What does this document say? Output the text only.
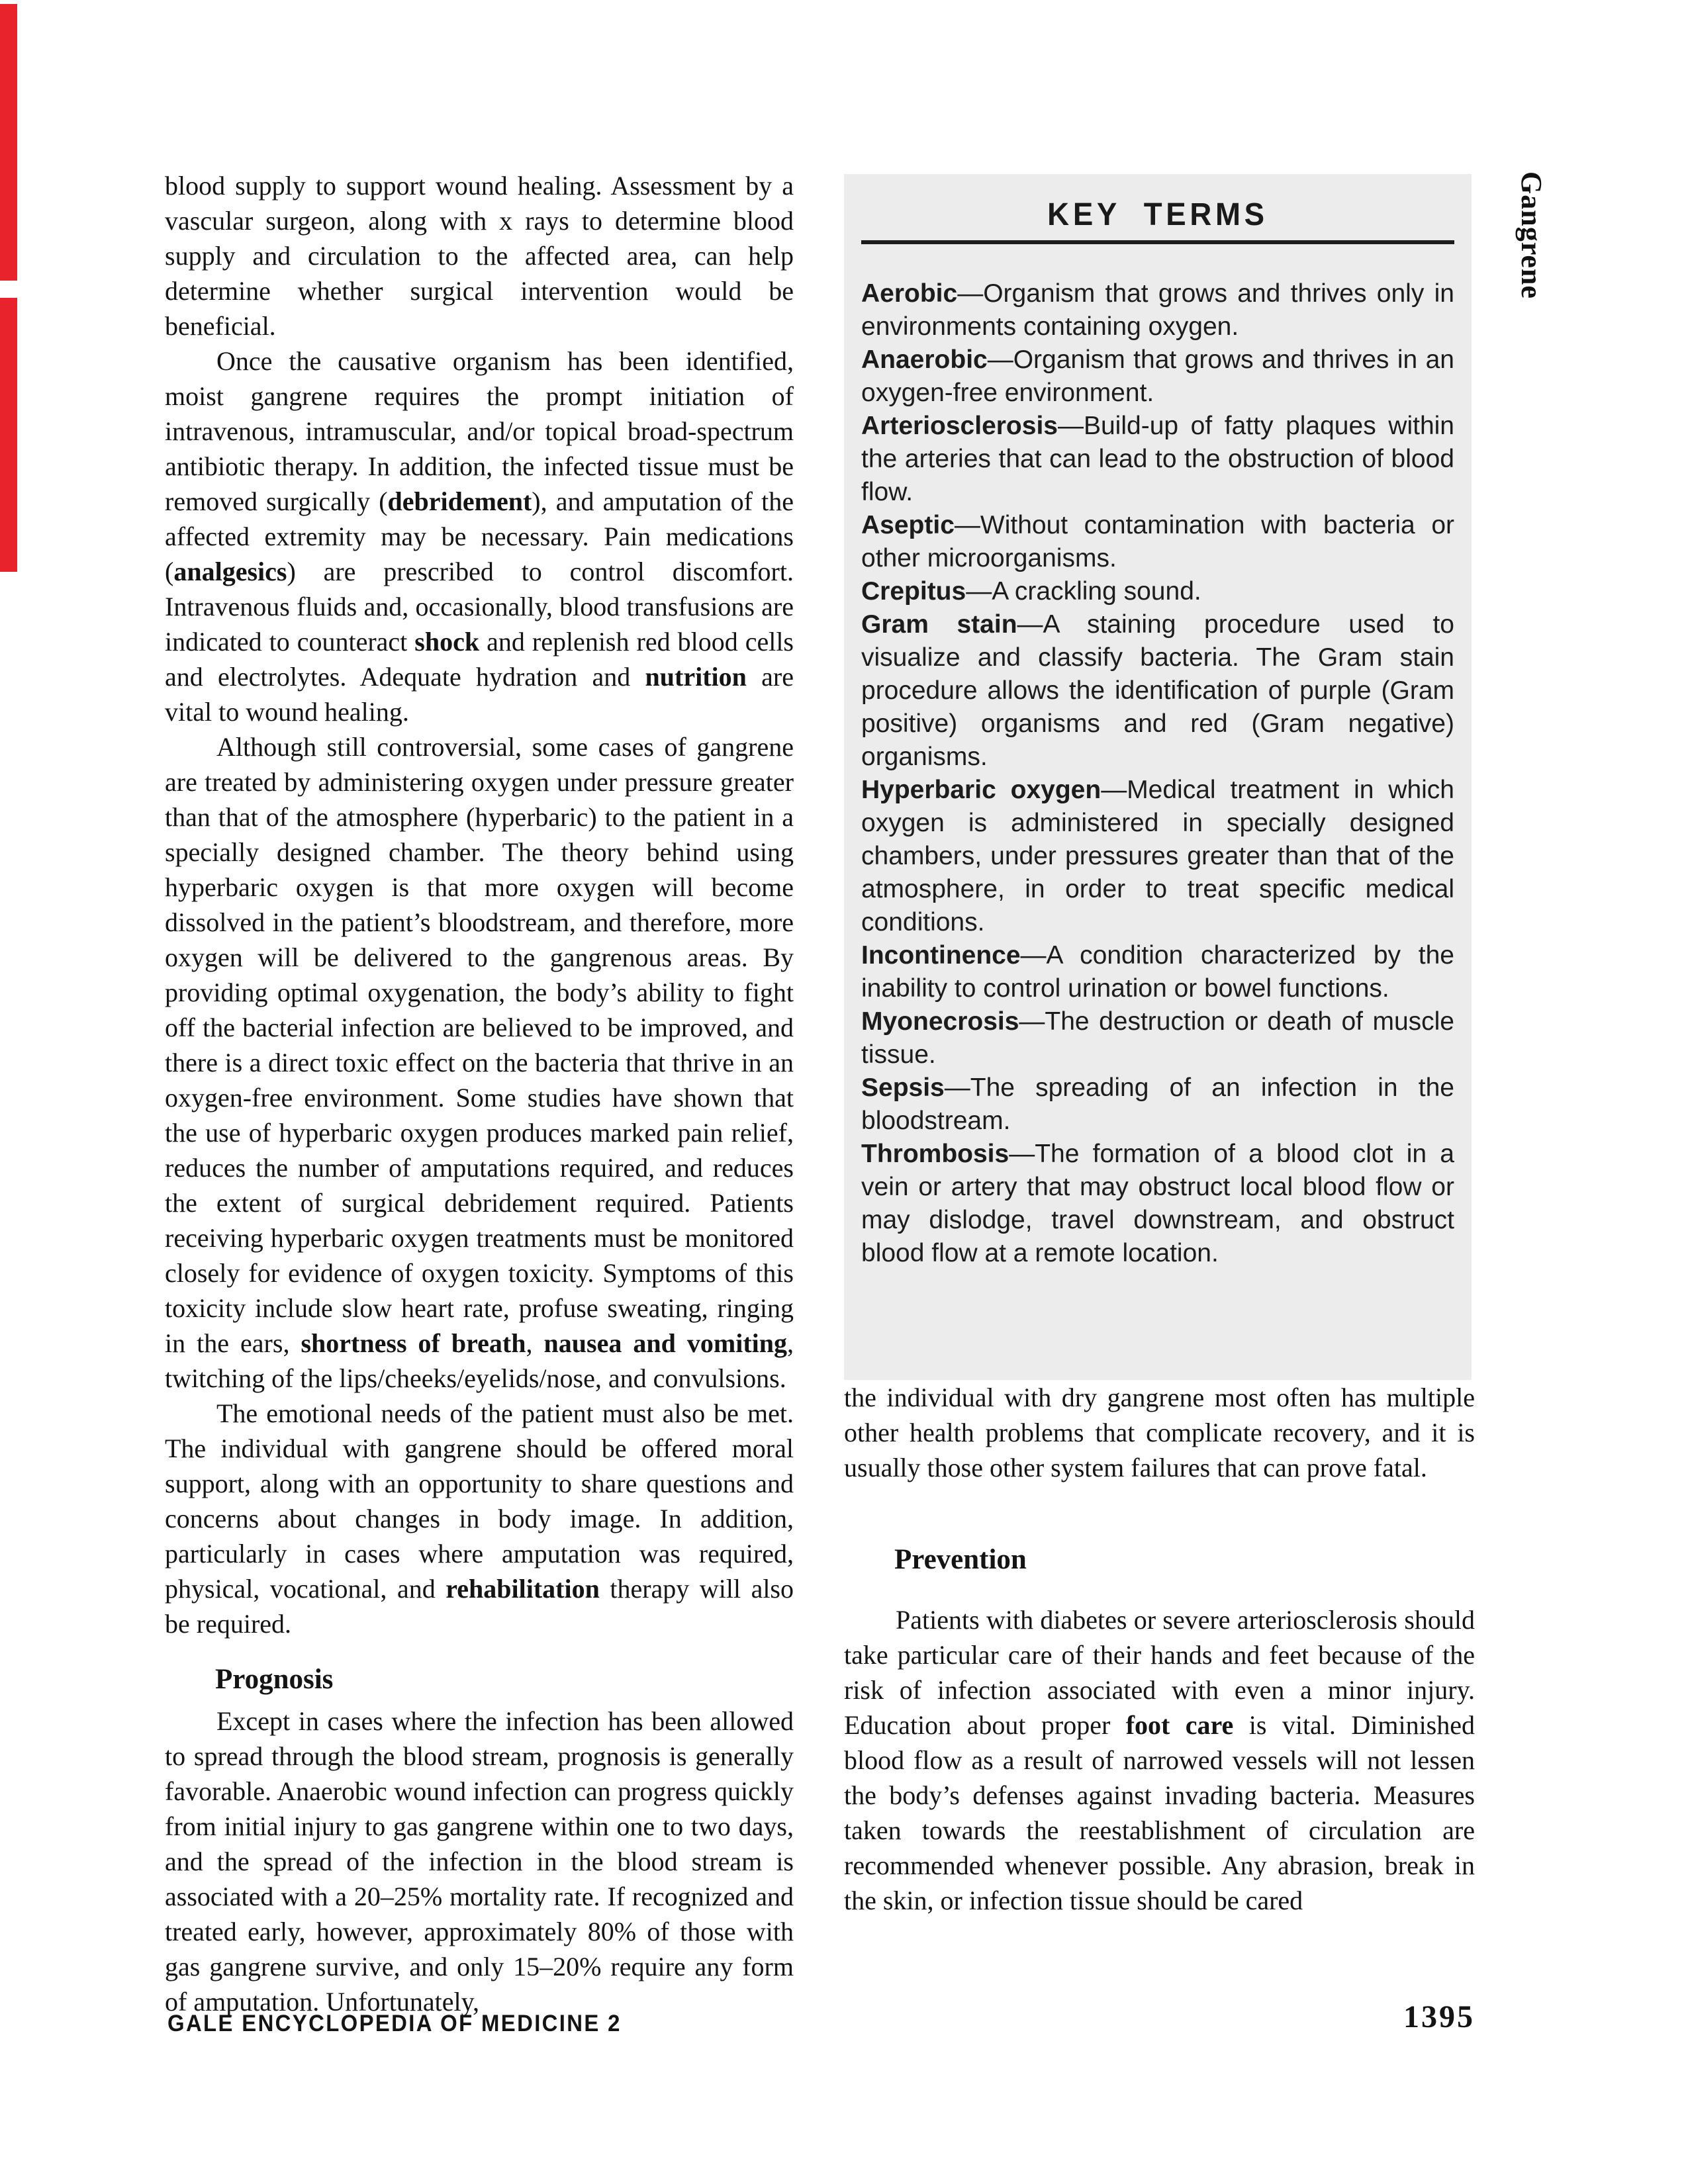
blood supply to support wound healing. Assessment by a vascular surgeon, along with x rays to determine blood supply and circulation to the affected area, can help determine whether surgical intervention would be beneficial.

Once the causative organism has been identified, moist gangrene requires the prompt initiation of intravenous, intramuscular, and/or topical broad-spectrum antibiotic therapy. In addition, the infected tissue must be removed surgically (debridement), and amputation of the affected extremity may be necessary. Pain medications (analgesics) are prescribed to control discomfort. Intravenous fluids and, occasionally, blood transfusions are indicated to counteract shock and replenish red blood cells and electrolytes. Adequate hydration and nutrition are vital to wound healing.

Although still controversial, some cases of gangrene are treated by administering oxygen under pressure greater than that of the atmosphere (hyperbaric) to the patient in a specially designed chamber. The theory behind using hyperbaric oxygen is that more oxygen will become dissolved in the patient’s bloodstream, and therefore, more oxygen will be delivered to the gangrenous areas. By providing optimal oxygenation, the body’s ability to fight off the bacterial infection are believed to be improved, and there is a direct toxic effect on the bacteria that thrive in an oxygen-free environment. Some studies have shown that the use of hyperbaric oxygen produces marked pain relief, reduces the number of amputations required, and reduces the extent of surgical debridement required. Patients receiving hyperbaric oxygen treatments must be monitored closely for evidence of oxygen toxicity. Symptoms of this toxicity include slow heart rate, profuse sweating, ringing in the ears, shortness of breath, nausea and vomiting, twitching of the lips/cheeks/eyelids/nose, and convulsions.

The emotional needs of the patient must also be met. The individual with gangrene should be offered moral support, along with an opportunity to share questions and concerns about changes in body image. In addition, particularly in cases where amputation was required, physical, vocational, and rehabilitation therapy will also be required.

Prognosis

Except in cases where the infection has been allowed to spread through the blood stream, prognosis is generally favorable. Anaerobic wound infection can progress quickly from initial injury to gas gangrene within one to two days, and the spread of the infection in the blood stream is associated with a 20–25% mortality rate. If recognized and treated early, however, approximately 80% of those with gas gangrene survive, and only 15–20% require any form of amputation. Unfortunately,

KEY TERMS

Aerobic—Organism that grows and thrives only in environments containing oxygen.

Anaerobic—Organism that grows and thrives in an oxygen-free environment.

Arteriosclerosis—Build-up of fatty plaques within the arteries that can lead to the obstruction of blood flow.

Aseptic—Without contamination with bacteria or other microorganisms.

Crepitus—A crackling sound.

Gram stain—A staining procedure used to visualize and classify bacteria. The Gram stain procedure allows the identification of purple (Gram positive) organisms and red (Gram negative) organisms.

Hyperbaric oxygen—Medical treatment in which oxygen is administered in specially designed chambers, under pressures greater than that of the atmosphere, in order to treat specific medical conditions.

Incontinence—A condition characterized by the inability to control urination or bowel functions.

Myonecrosis—The destruction or death of muscle tissue.

Sepsis—The spreading of an infection in the bloodstream.

Thrombosis—The formation of a blood clot in a vein or artery that may obstruct local blood flow or may dislodge, travel downstream, and obstruct blood flow at a remote location.

the individual with dry gangrene most often has multiple other health problems that complicate recovery, and it is usually those other system failures that can prove fatal.

Prevention

Patients with diabetes or severe arteriosclerosis should take particular care of their hands and feet because of the risk of infection associated with even a minor injury. Education about proper foot care is vital. Diminished blood flow as a result of narrowed vessels will not lessen the body’s defenses against invading bacteria. Measures taken towards the reestablishment of circulation are recommended whenever possible. Any abrasion, break in the skin, or infection tissue should be cared

Gangrene
GALE ENCYCLOPEDIA OF MEDICINE 2	1395
